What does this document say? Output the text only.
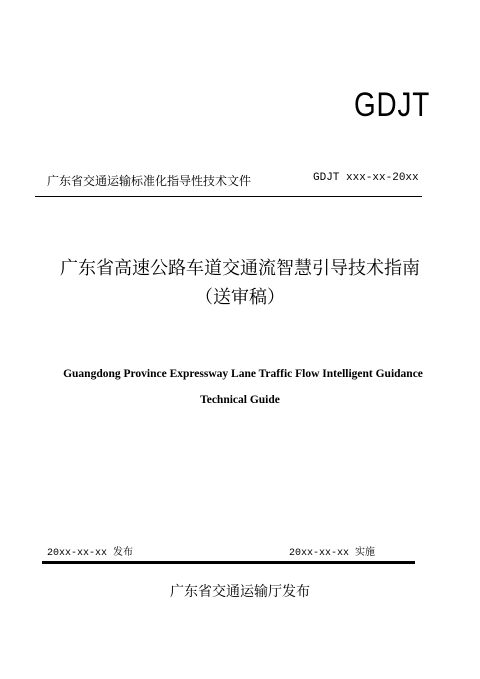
GDJT
广东省交通运输标准化指导性技术文件	GDJT xxx-xx-20xx
广东省高速公路车道交通流智慧引导技术指南
（送审稿）
Guangdong Province Expressway Lane Traffic Flow Intelligent Guidance
Technical Guide
20xx-xx-xx 发布	20xx-xx-xx 实施
广东省交通运输厅发布
